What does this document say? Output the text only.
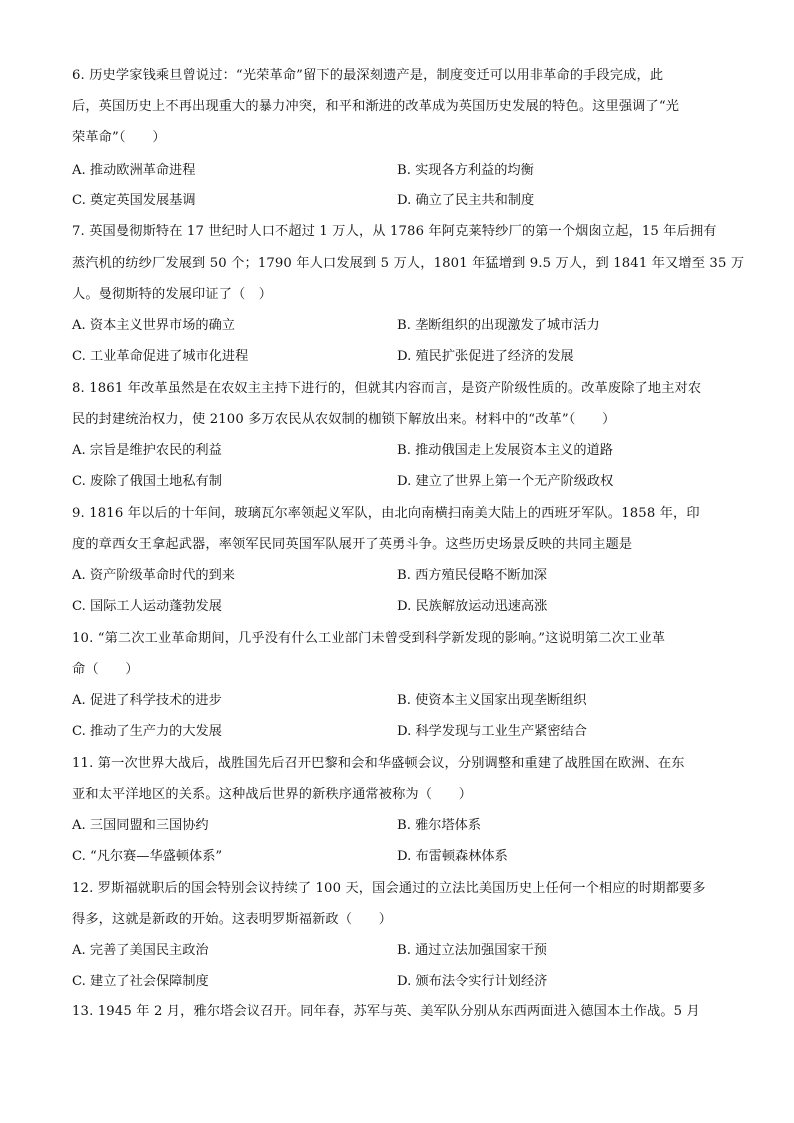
6. 历史学家钱乘旦曾说过：“光荣革命”留下的最深刻遗产是，制度变迁可以用非革命的手段完成，此
后，英国历史上不再出现重大的暴力冲突，和平和渐进的改革成为英国历史发展的特色。这里强调了“光
荣革命”（　　）
A. 推动欧洲革命进程	B. 实现各方利益的均衡
C. 奠定英国发展基调	D. 确立了民主共和制度
7. 英国曼彻斯特在 17 世纪时人口不超过 1 万人，从 1786 年阿克莱特纱厂的第一个烟囱立起，15 年后拥有
蒸汽机的纺纱厂发展到 50 个；1790 年人口发展到 5 万人，1801 年猛增到 9.5 万人，到 1841 年又增至 35 万
人。曼彻斯特的发展印证了（　）
A. 资本主义世界市场的确立	B. 垄断组织的出现激发了城市活力
C. 工业革命促进了城市化进程	D. 殖民扩张促进了经济的发展
8. 1861 年改革虽然是在农奴主主持下进行的，但就其内容而言，是资产阶级性质的。改革废除了地主对农
民的封建统治权力，使 2100 多万农民从农奴制的枷锁下解放出来。材料中的“改革”（　　）
A. 宗旨是维护农民的利益	B. 推动俄国走上发展资本主义的道路
C. 废除了俄国土地私有制	D. 建立了世界上第一个无产阶级政权
9. 1816 年以后的十年间，玻璃瓦尔率领起义军队，由北向南横扫南美大陆上的西班牙军队。1858 年，印
度的章西女王拿起武器，率领军民同英国军队展开了英勇斗争。这些历史场景反映的共同主题是
A. 资产阶级革命时代的到来	B. 西方殖民侵略不断加深
C. 国际工人运动蓬勃发展	D. 民族解放运动迅速高涨
10. “第二次工业革命期间，几乎没有什么工业部门未曾受到科学新发现的影响。”这说明第二次工业革
命（　　）
A. 促进了科学技术的进步	B. 使资本主义国家出现垄断组织
C. 推动了生产力的大发展	D. 科学发现与工业生产紧密结合
11. 第一次世界大战后，战胜国先后召开巴黎和会和华盛顿会议，分别调整和重建了战胜国在欧洲、在东
亚和太平洋地区的关系。这种战后世界的新秩序通常被称为（　　）
A. 三国同盟和三国协约	B. 雅尔塔体系
C. “凡尔赛—华盛顿体系”	D. 布雷顿森林体系
12. 罗斯福就职后的国会特别会议持续了 100 天，国会通过的立法比美国历史上任何一个相应的时期都要多
得多，这就是新政的开始。这表明罗斯福新政（　　）
A. 完善了美国民主政治	B. 通过立法加强国家干预
C. 建立了社会保障制度	D. 颁布法令实行计划经济
13. 1945 年 2 月，雅尔塔会议召开。同年春，苏军与英、美军队分别从东西两面进入德国本土作战。5 月
